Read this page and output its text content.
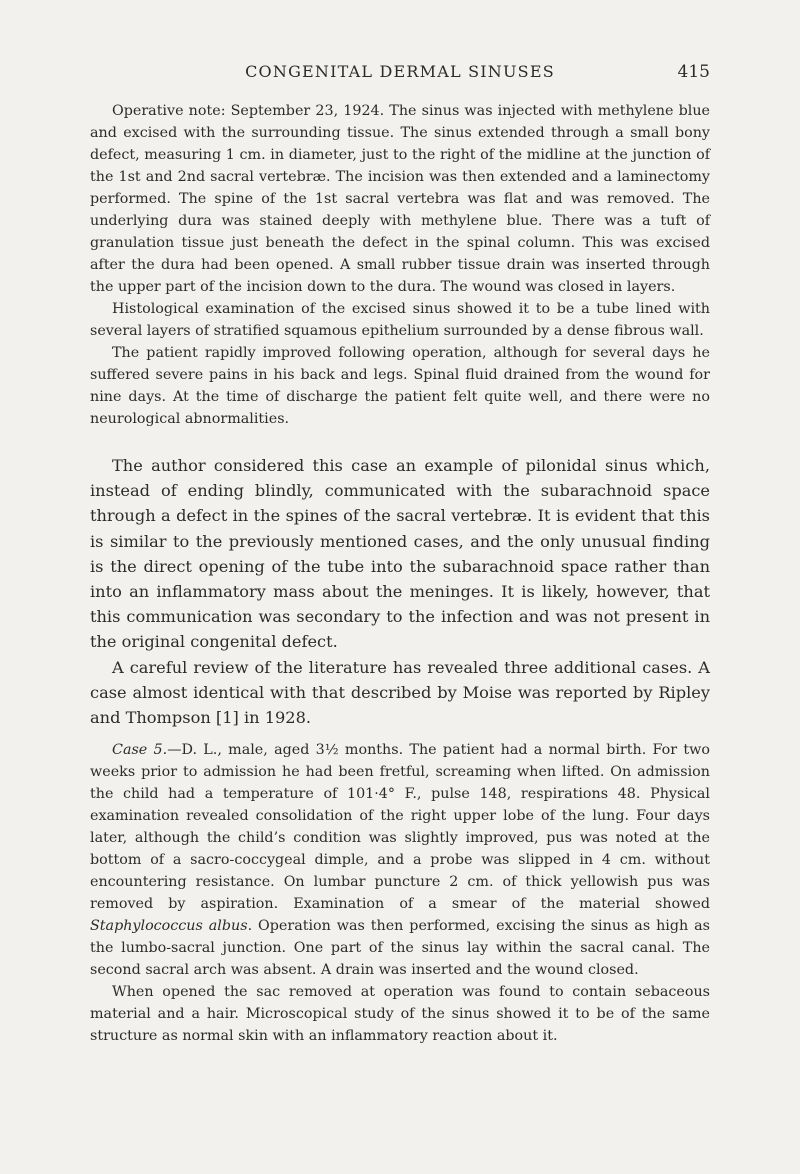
CONGENITAL DERMAL SINUSES	415

Operative note: September 23, 1924. The sinus was injected with methylene blue and excised with the surrounding tissue. The sinus extended through a small bony defect, measuring 1 cm. in diameter, just to the right of the midline at the junction of the 1st and 2nd sacral vertebræ. The incision was then extended and a laminectomy performed. The spine of the 1st sacral vertebra was flat and was removed. The underlying dura was stained deeply with methylene blue. There was a tuft of granulation tissue just beneath the defect in the spinal column. This was excised after the dura had been opened. A small rubber tissue drain was inserted through the upper part of the incision down to the dura. The wound was closed in layers.

Histological examination of the excised sinus showed it to be a tube lined with several layers of stratified squamous epithelium surrounded by a dense fibrous wall.

The patient rapidly improved following operation, although for several days he suffered severe pains in his back and legs. Spinal fluid drained from the wound for nine days. At the time of discharge the patient felt quite well, and there were no neurological abnormalities.

The author considered this case an example of pilonidal sinus which, instead of ending blindly, communicated with the subarachnoid space through a defect in the spines of the sacral vertebræ. It is evident that this is similar to the previously mentioned cases, and the only unusual finding is the direct opening of the tube into the subarachnoid space rather than into an inflammatory mass about the meninges. It is likely, however, that this communication was secondary to the infection and was not present in the original congenital defect.

A careful review of the literature has revealed three additional cases. A case almost identical with that described by Moise was reported by Ripley and Thompson [1] in 1928.

Case 5.—D. L., male, aged 3½ months. The patient had a normal birth. For two weeks prior to admission he had been fretful, screaming when lifted. On admission the child had a temperature of 101·4° F., pulse 148, respirations 48. Physical examination revealed consolidation of the right upper lobe of the lung. Four days later, although the child’s condition was slightly improved, pus was noted at the bottom of a sacro-coccygeal dimple, and a probe was slipped in 4 cm. without encountering resistance. On lumbar puncture 2 cm. of thick yellowish pus was removed by aspiration. Examination of a smear of the material showed Staphylococcus albus. Operation was then performed, excising the sinus as high as the lumbo-sacral junction. One part of the sinus lay within the sacral canal. The second sacral arch was absent. A drain was inserted and the wound closed.

When opened the sac removed at operation was found to contain sebaceous material and a hair. Microscopical study of the sinus showed it to be of the same structure as normal skin with an inflammatory reaction about it.
